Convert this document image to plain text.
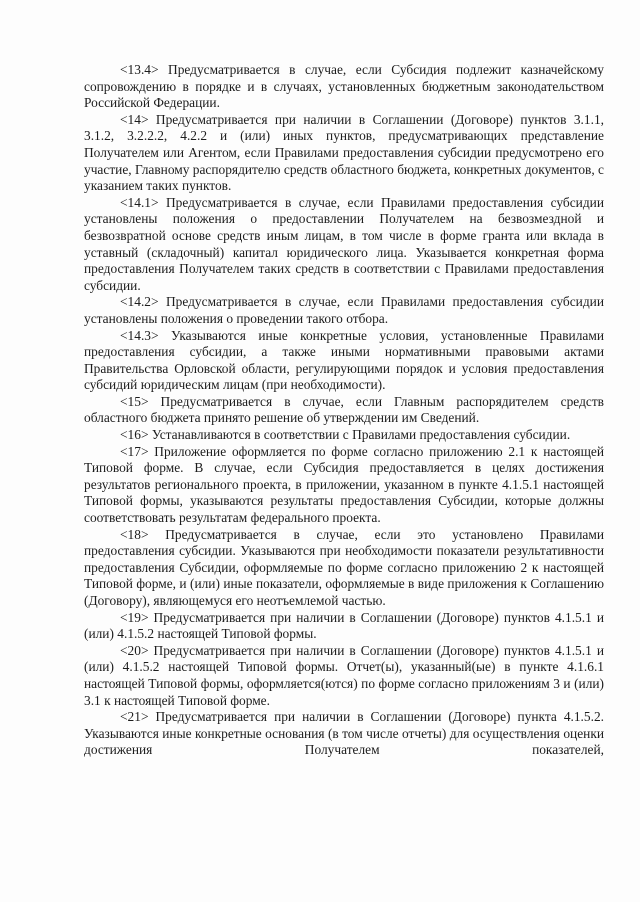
<13.4> Предусматривается в случае, если Субсидия подлежит казначейскому сопровождению в порядке и в случаях, установленных бюджетным законодательством Российской Федерации.

<14> Предусматривается при наличии в Соглашении (Договоре) пунктов 3.1.1, 3.1.2, 3.2.2.2, 4.2.2 и (или) иных пунктов, предусматривающих представление Получателем или Агентом, если Правилами предоставления субсидии предусмотрено его участие, Главному распорядителю средств областного бюджета, конкретных документов, с указанием таких пунктов.

<14.1> Предусматривается в случае, если Правилами предоставления субсидии установлены положения о предоставлении Получателем на безвозмездной и безвозвратной основе средств иным лицам, в том числе в форме гранта или вклада в уставный (складочный) капитал юридического лица. Указывается конкретная форма предоставления Получателем таких средств в соответствии с Правилами предоставления субсидии.

<14.2> Предусматривается в случае, если Правилами предоставления субсидии установлены положения о проведении такого отбора.

<14.3> Указываются иные конкретные условия, установленные Правилами предоставления субсидии, а также иными нормативными правовыми актами Правительства Орловской области, регулирующими порядок и условия предоставления субсидий юридическим лицам (при необходимости).

<15> Предусматривается в случае, если Главным распорядителем средств областного бюджета принято решение об утверждении им Сведений.

<16> Устанавливаются в соответствии с Правилами предоставления субсидии.

<17> Приложение оформляется по форме согласно приложению 2.1 к настоящей Типовой форме. В случае, если Субсидия предоставляется в целях достижения результатов регионального проекта, в приложении, указанном в пункте 4.1.5.1 настоящей Типовой формы, указываются результаты предоставления Субсидии, которые должны соответствовать результатам федерального проекта.

<18> Предусматривается в случае, если это установлено Правилами предоставления субсидии. Указываются при необходимости показатели результативности предоставления Субсидии, оформляемые по форме согласно приложению 2 к настоящей Типовой форме, и (или) иные показатели, оформляемые в виде приложения к Соглашению (Договору), являющемуся его неотъемлемой частью.

<19> Предусматривается при наличии в Соглашении (Договоре) пунктов 4.1.5.1 и (или) 4.1.5.2 настоящей Типовой формы.

<20> Предусматривается при наличии в Соглашении (Договоре) пунктов 4.1.5.1 и (или) 4.1.5.2 настоящей Типовой формы. Отчет(ы), указанный(ые) в пункте 4.1.6.1 настоящей Типовой формы, оформляется(ются) по форме согласно приложениям 3 и (или) 3.1 к настоящей Типовой форме.

<21> Предусматривается при наличии в Соглашении (Договоре) пункта 4.1.5.2. Указываются иные конкретные основания (в том числе отчеты) для осуществления оценки достижения Получателем показателей,
